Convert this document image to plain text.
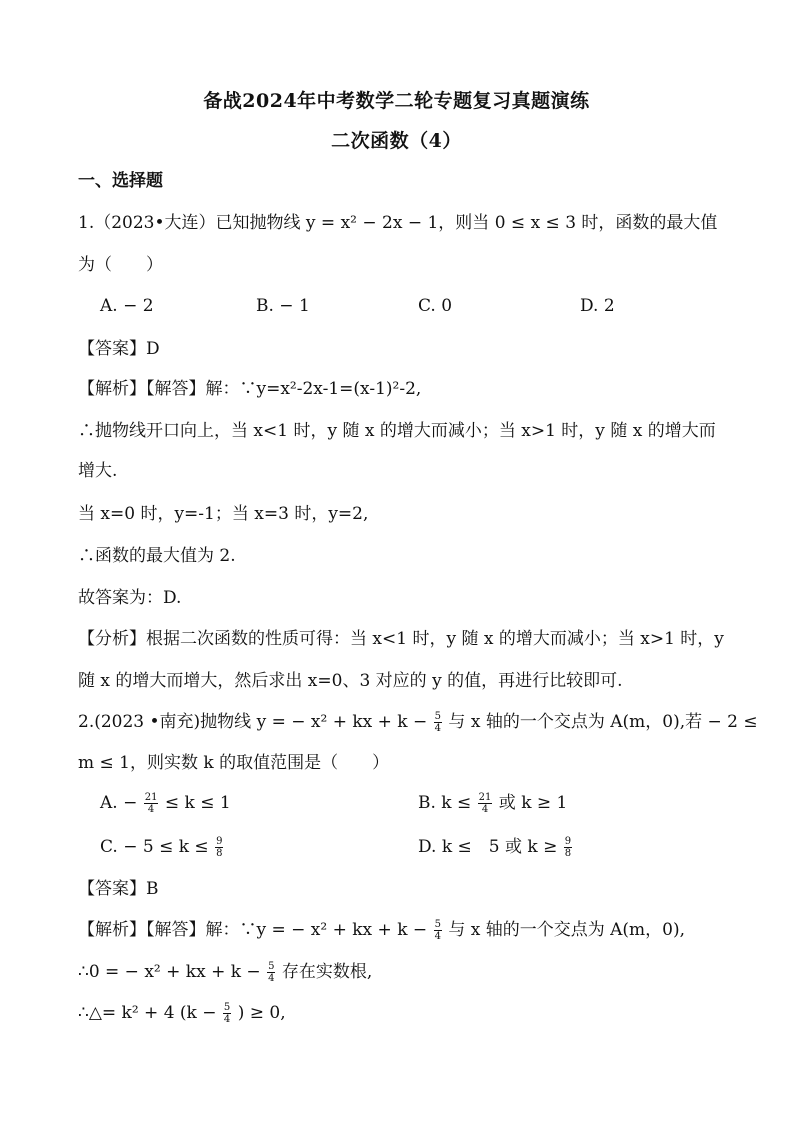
备战2024年中考数学二轮专题复习真题演练
二次函数（4）
一、选择题
1.（2023•大连）已知抛物线 y = x² − 2x − 1，则当 0 ≤ x ≤ 3 时，函数的最大值
为（　　）
A. − 2	B. − 1	C. 0	D. 2
【答案】D
【解析】【解答】解：∵y=x²-2x-1=(x-1)²-2,
∴抛物线开口向上，当 x<1 时，y 随 x 的增大而减小；当 x>1 时，y 随 x 的增大而
增大.
当 x=0 时，y=-1；当 x=3 时，y=2,
∴函数的最大值为 2.
故答案为：D.
【分析】根据二次函数的性质可得：当 x<1 时，y 随 x 的增大而减小；当 x>1 时，y
随 x 的增大而增大，然后求出 x=0、3 对应的 y 的值，再进行比较即可.
2.(2023 •南充)抛物线 y = − x² + kx + $k - \frac{5}{4}$ 与 x 轴的一个交点为 A(m，0),若 − 2 ≤
m ≤ 1，则实数 k 的取值范围是（　　）
A. − $\frac{21}{4} \le k \le 1$	B. $k \le \frac{21}{4}$ 或 k ≥ 1
C. − $5 \le k \le \frac{9}{8}$	D. k ≤　5 或 $k \ge \frac{9}{8}$
【答案】B
【解析】【解答】解：∵y = − x² + kx + $k - \frac{5}{4}$ 与 x 轴的一个交点为 A(m，0),
∴0 = − x² + kx + $k - \frac{5}{4}$ 存在实数根,
∴△= k² + 4 ($k - \frac{5}{4}$ ) ≥ 0,
